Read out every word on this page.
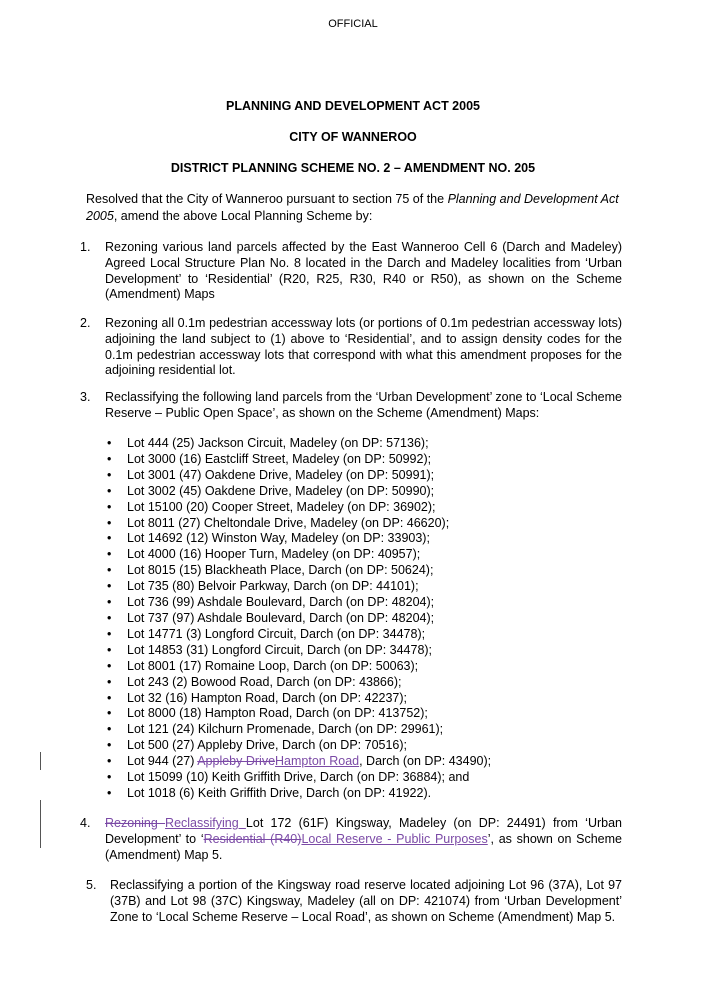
OFFICIAL
PLANNING AND DEVELOPMENT ACT 2005
CITY OF WANNEROO
DISTRICT PLANNING SCHEME NO. 2 – AMENDMENT NO. 205
Resolved that the City of Wanneroo pursuant to section 75 of the Planning and Development Act 2005, amend the above Local Planning Scheme by:
1. Rezoning various land parcels affected by the East Wanneroo Cell 6 (Darch and Madeley) Agreed Local Structure Plan No. 8 located in the Darch and Madeley localities from ‘Urban Development’ to ‘Residential’ (R20, R25, R30, R40 or R50), as shown on the Scheme (Amendment) Maps
2. Rezoning all 0.1m pedestrian accessway lots (or portions of 0.1m pedestrian accessway lots) adjoining the land subject to (1) above to ‘Residential’, and to assign density codes for the 0.1m pedestrian accessway lots that correspond with what this amendment proposes for the adjoining residential lot.
3. Reclassifying the following land parcels from the ‘Urban Development’ zone to ‘Local Scheme Reserve – Public Open Space’, as shown on the Scheme (Amendment) Maps:
• Lot 444 (25) Jackson Circuit, Madeley (on DP: 57136);
• Lot 3000 (16) Eastcliff Street, Madeley (on DP: 50992);
• Lot 3001 (47) Oakdene Drive, Madeley (on DP: 50991);
• Lot 3002 (45) Oakdene Drive, Madeley (on DP: 50990);
• Lot 15100 (20) Cooper Street, Madeley (on DP: 36902);
• Lot 8011 (27) Cheltondale Drive, Madeley (on DP: 46620);
• Lot 14692 (12) Winston Way, Madeley (on DP: 33903);
• Lot 4000 (16) Hooper Turn, Madeley (on DP: 40957);
• Lot 8015 (15) Blackheath Place, Darch (on DP: 50624);
• Lot 735 (80) Belvoir Parkway, Darch (on DP: 44101);
• Lot 736 (99) Ashdale Boulevard, Darch (on DP: 48204);
• Lot 737 (97) Ashdale Boulevard, Darch (on DP: 48204);
• Lot 14771 (3) Longford Circuit, Darch (on DP: 34478);
• Lot 14853 (31) Longford Circuit, Darch (on DP: 34478);
• Lot 8001 (17) Romaine Loop, Darch (on DP: 50063);
• Lot 243 (2) Bowood Road, Darch (on DP: 43866);
• Lot 32 (16) Hampton Road, Darch (on DP: 42237);
• Lot 8000 (18) Hampton Road, Darch (on DP: 413752);
• Lot 121 (24) Kilchurn Promenade, Darch (on DP: 29961);
• Lot 500 (27) Appleby Drive, Darch (on DP: 70516);
• Lot 944 (27) Appleby DriveHampton Road, Darch (on DP: 43490);
• Lot 15099 (10) Keith Griffith Drive, Darch (on DP: 36884); and
• Lot 1018 (6) Keith Griffith Drive, Darch (on DP: 41922).
4. Rezoning Reclassifying Lot 172 (61F) Kingsway, Madeley (on DP: 24491) from ‘Urban Development’ to ‘Residential (R40)Local Reserve - Public Purposes’, as shown on Scheme (Amendment) Map 5.
5. Reclassifying a portion of the Kingsway road reserve located adjoining Lot 96 (37A), Lot 97 (37B) and Lot 98 (37C) Kingsway, Madeley (all on DP: 421074) from ‘Urban Development’ Zone to ‘Local Scheme Reserve – Local Road’, as shown on Scheme (Amendment) Map 5.
